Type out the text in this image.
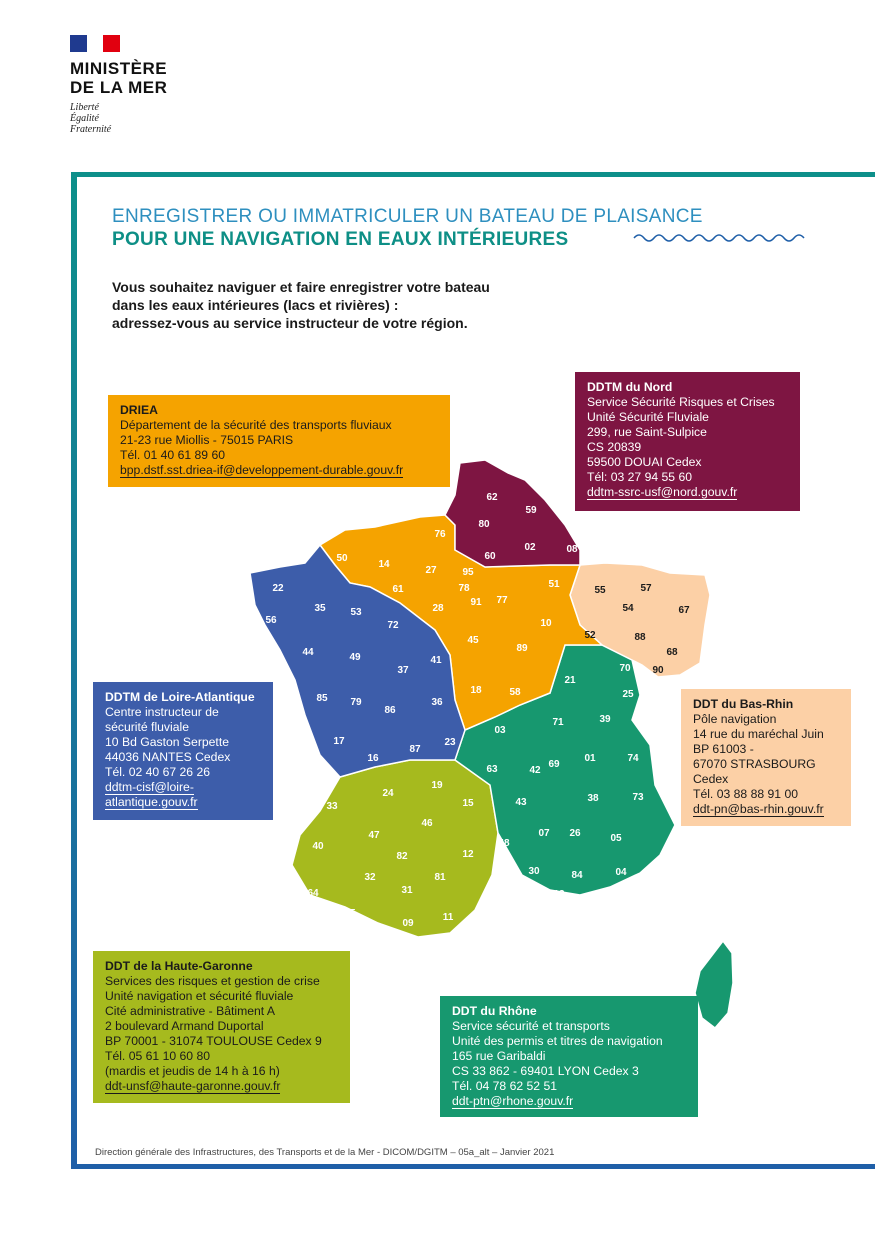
MINISTÈRE
DE LA MER
Liberté
Égalité
Fraternité
ENREGISTRER OU IMMATRICULER UN BATEAU DE PLAISANCE
POUR UNE NAVIGATION EN EAUX INTÉRIEURES
Vous souhaitez naviguer et faire enregistrer votre bateau
dans les eaux intérieures (lacs et rivières) :
adressez-vous au service instructeur de votre région.
62
59
80
60
02	08
76
50
14
27	95
78
91
61
28
77
51
55	57
54	67
88
68
90
52
10
89
72
53
35
22
29
56
45
41
37
49
44
85 79
86
36
18	58
70
21
25
39
71
17
16
87
23
03
69
01	74
73
42
63
38
33
24
19
15
46
43
07 26	05
04
06
40
47
82	12
48
30	84
13
83
32	81
64
65
31
09
11
34
66
2B
2A
DRIEA
Département de la sécurité des transports fluviaux
21-23 rue Miollis - 75015 PARIS
Tél. 01 40 61 89 60
bpp.dstf.sst.driea-if@developpement-durable.gouv.fr
DDTM du Nord
Service Sécurité Risques et Crises
Unité Sécurité Fluviale
299, rue Saint-Sulpice
CS 20839
59500 DOUAI Cedex
Tél: 03 27 94 55 60
ddtm-ssrc-usf@nord.gouv.fr
DDTM de Loire-Atlantique
Centre instructeur de
sécurité fluviale
10 Bd Gaston Serpette
44036 NANTES Cedex
Tél. 02 40 67 26 26
ddtm-cisf@loire-
atlantique.gouv.fr
DDT du Bas-Rhin
Pôle navigation
14 rue du maréchal Juin
BP 61003 -
67070 STRASBOURG
Cedex
Tél. 03 88 88 91 00
ddt-pn@bas-rhin.gouv.fr
DDT de la Haute-Garonne
Services des risques et gestion de crise
Unité navigation et sécurité fluviale
Cité administrative - Bâtiment A
2 boulevard Armand Duportal
BP 70001 - 31074 TOULOUSE Cedex 9
Tél. 05 61 10 60 80
(mardis et jeudis de 14 h à 16 h)
ddt-unsf@haute-garonne.gouv.fr
DDT du Rhône
Service sécurité et transports
Unité des permis et titres de navigation
165 rue Garibaldi
CS 33 862 - 69401 LYON Cedex 3
Tél. 04 78 62 52 51
ddt-ptn@rhone.gouv.fr
Direction générale des Infrastructures, des Transports et de la Mer - DICOM/DGITM – 05a_alt – Janvier 2021
